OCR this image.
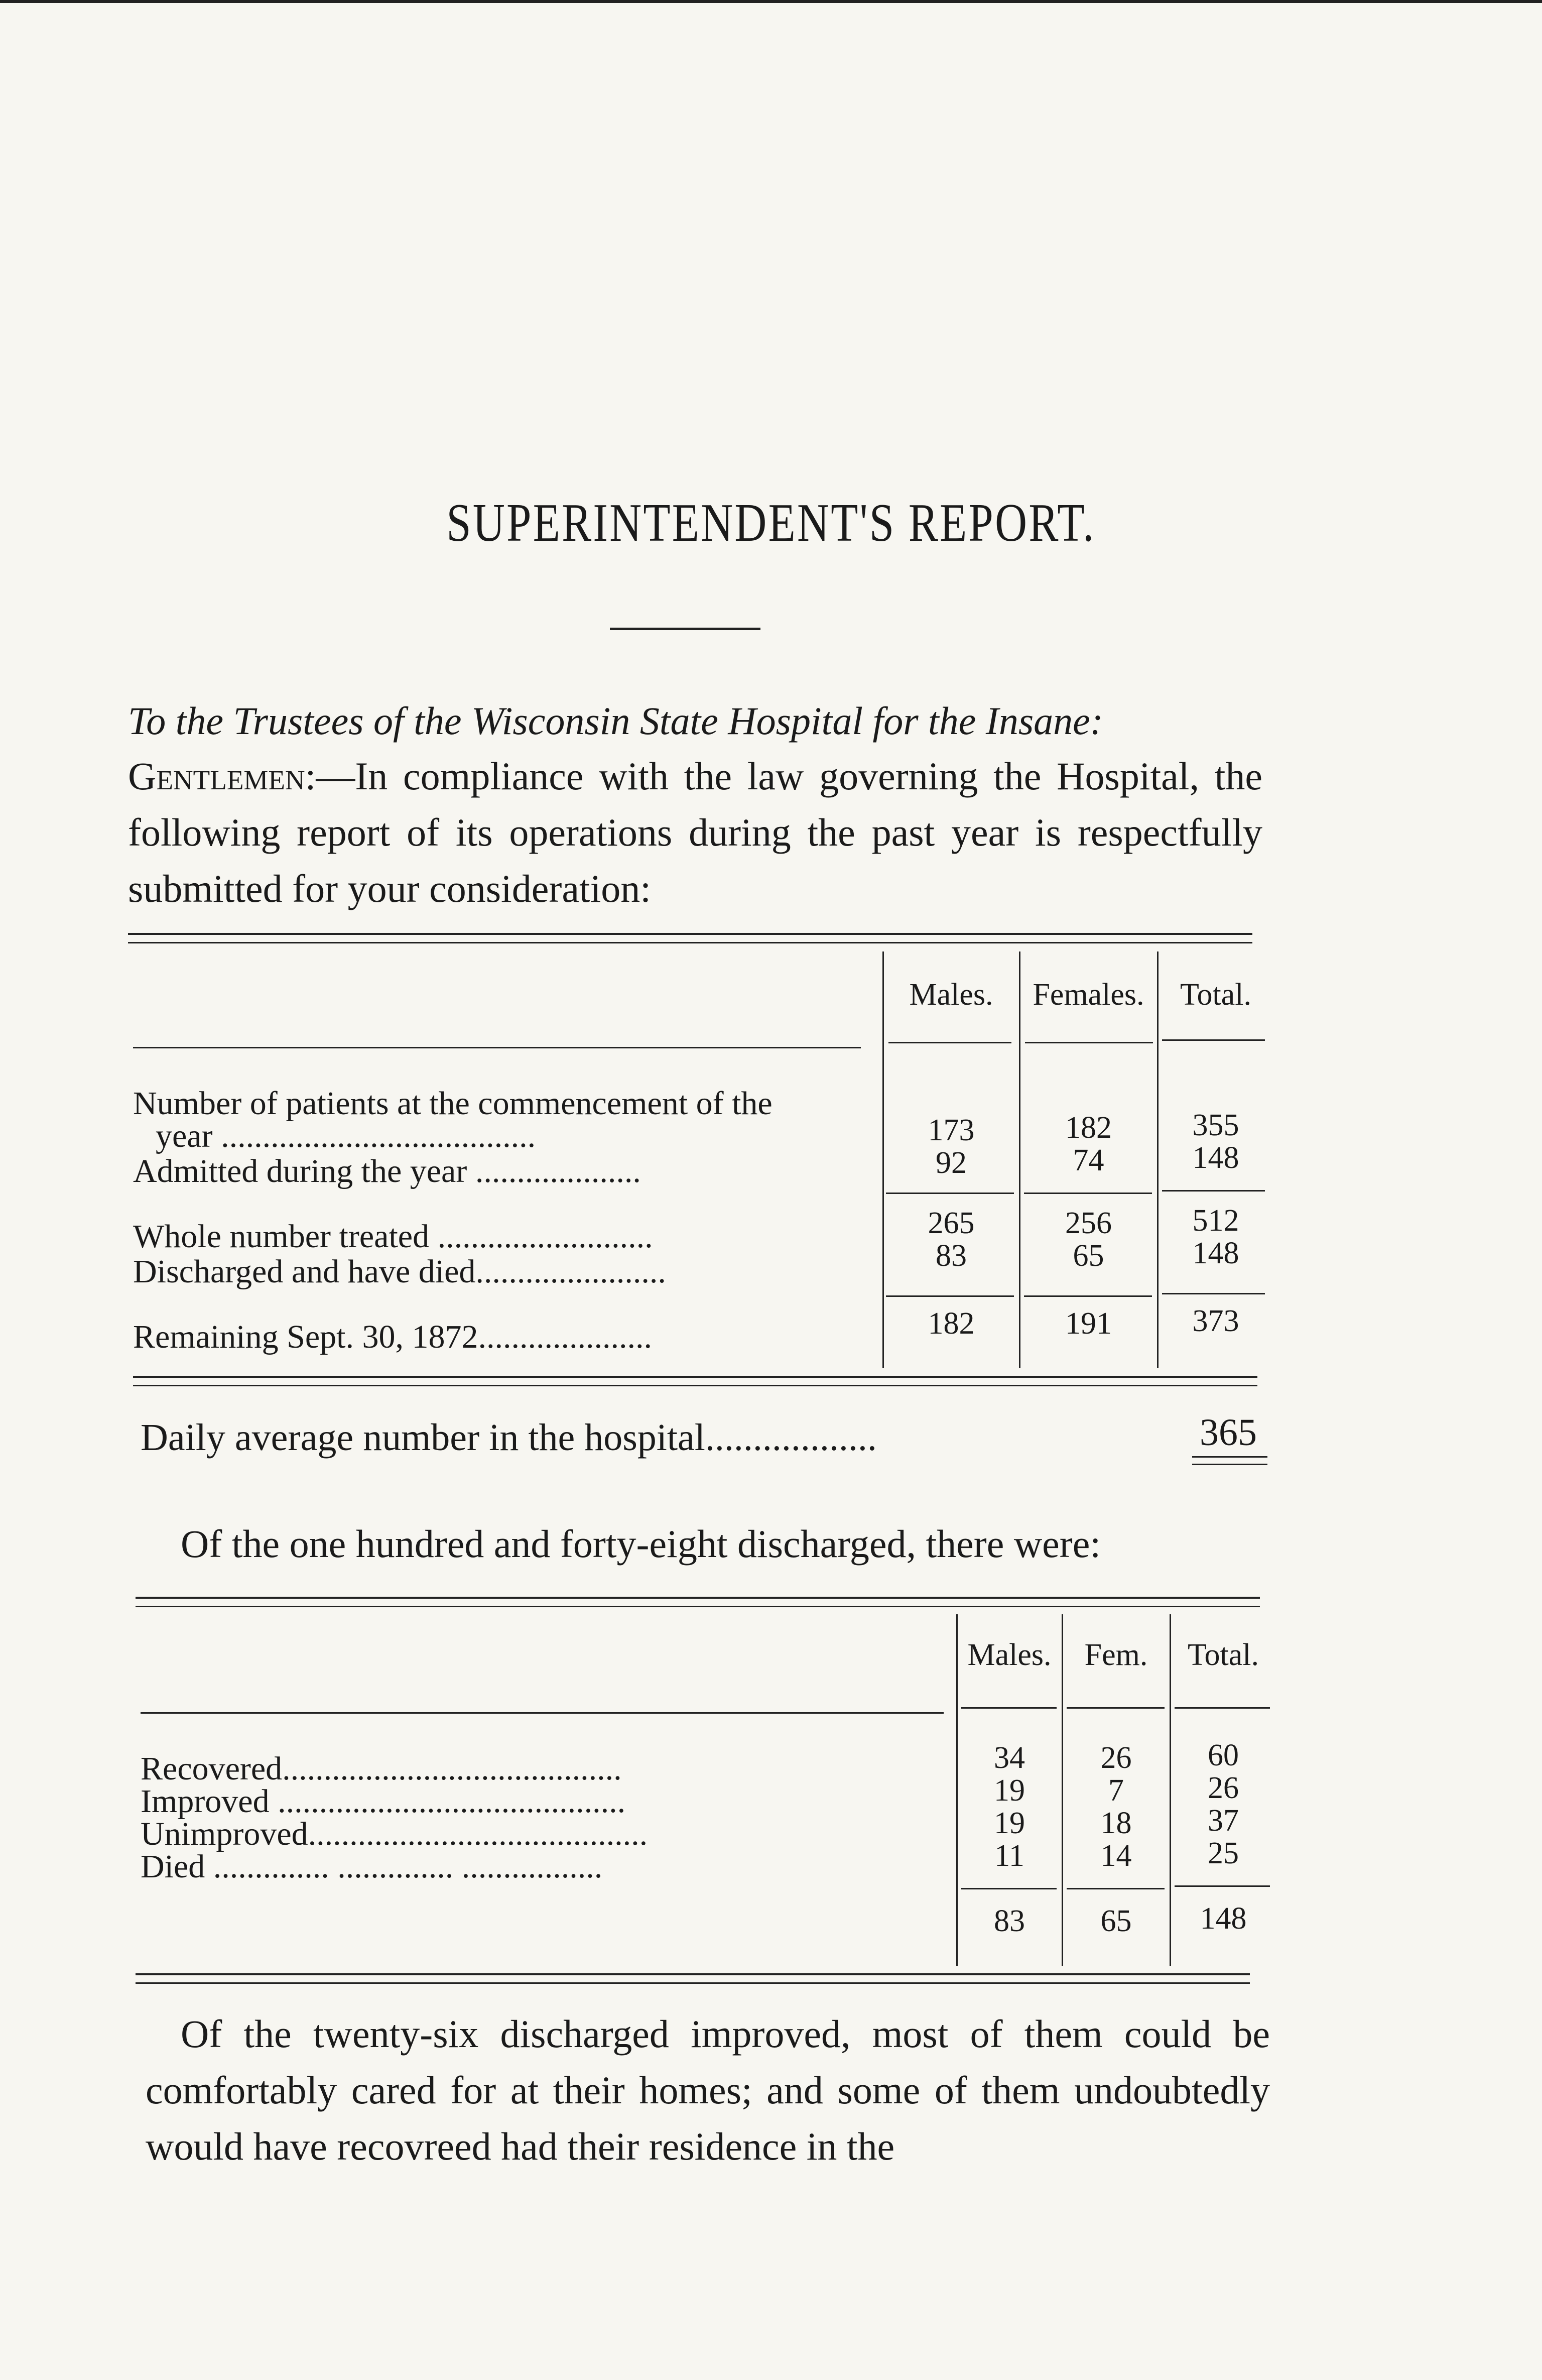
SUPERINTENDENT'S REPORT.

To the Trustees of the Wisconsin State Hospital for the Insane:

Gentlemen:—In compliance with the law governing the Hospital, the following report of its operations during the past year is respectfully submitted for your consideration:

Males.	Females.	Total.
Number of patients at the commencement of the
year ......................................	173	182	355
Admitted during the year ....................	92	74	148
Whole number treated ..........................	265	256	512
Discharged and have died.......................	83	65	148
Remaining Sept. 30, 1872.....................	182	191	373
Daily average number in the hospital..................	365
Of the one hundred and forty-eight discharged, there were:
Males.	Fem.	Total.
Recovered.........................................	34	26	60
Improved ..........................................	19	7	26
Unimproved.........................................	19	18	37
Died .............. .............. .................	11	14	25
83	65	148

Of the twenty-six discharged improved, most of them could be comfortably cared for at their homes; and some of them undoubtedly would have recovreed had their residence in the
